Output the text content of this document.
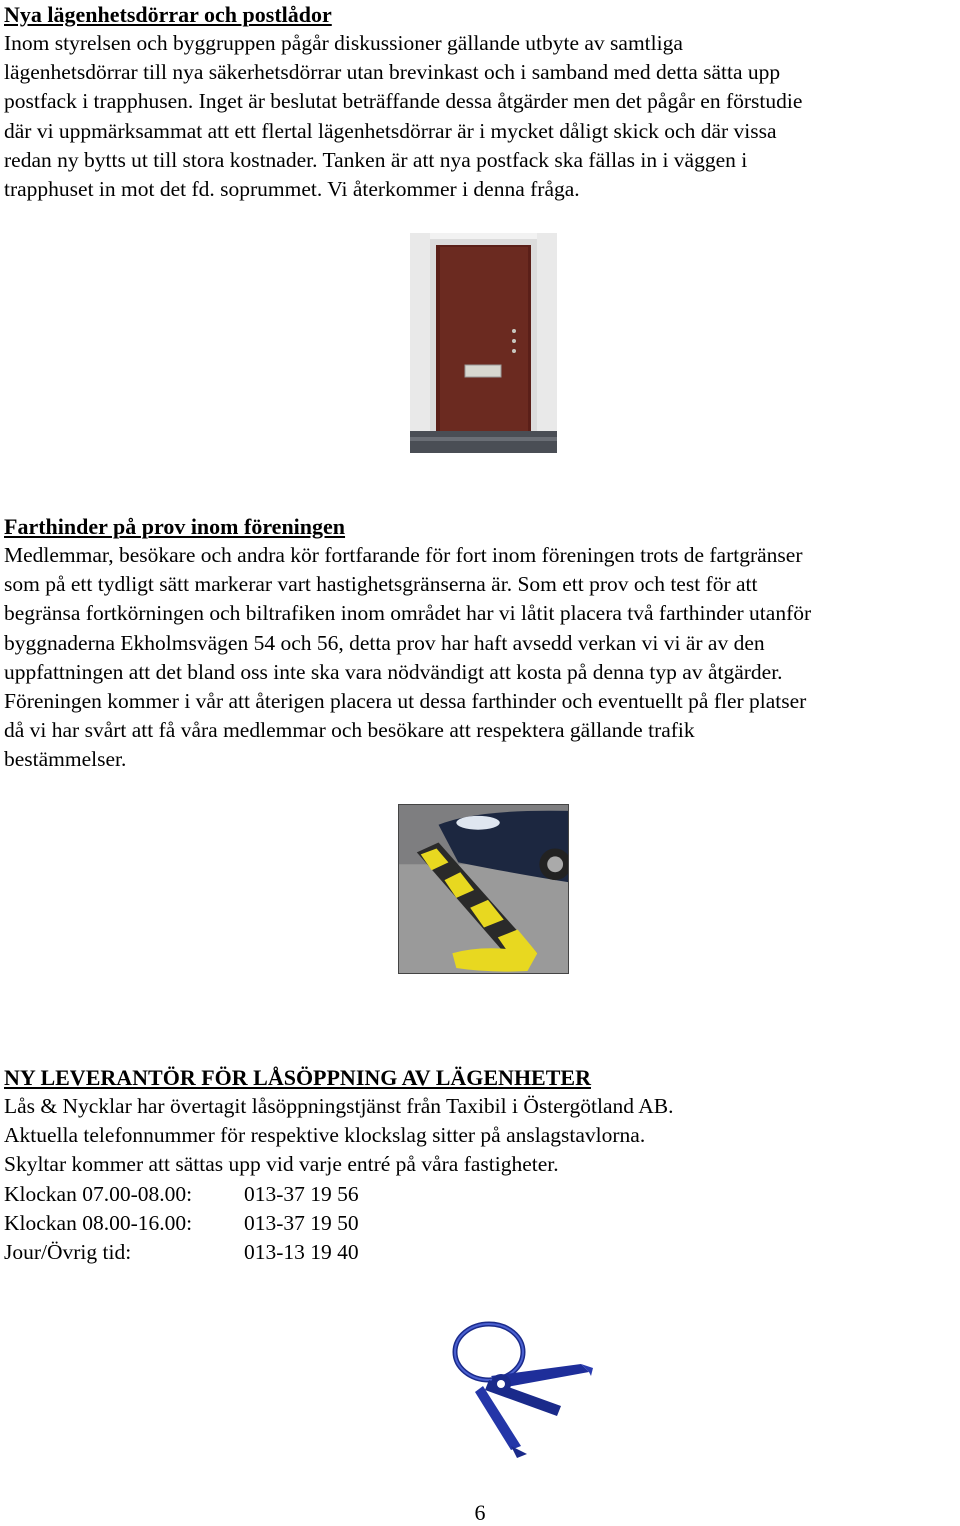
Nya lägenhetsdörrar och postlådor

Inom styrelsen och byggruppen pågår diskussioner gällande utbyte av samtliga
lägenhetsdörrar till nya säkerhetsdörrar utan brevinkast och i samband med detta sätta upp
postfack i trapphusen. Inget är beslutat beträffande dessa åtgärder men det pågår en förstudie
där vi uppmärksammat att ett flertal lägenhetsdörrar är i mycket dåligt skick och där vissa
redan ny bytts ut till stora kostnader. Tanken är att nya postfack ska fällas in i väggen i
trapphuset in mot det fd. soprummet. Vi återkommer i denna fråga.

Farthinder på prov inom föreningen

Medlemmar, besökare och andra kör fortfarande för fort inom föreningen trots de fartgränser
som på ett tydligt sätt markerar vart hastighetsgränserna är. Som ett prov och test för att
begränsa fortkörningen och biltrafiken inom området har vi låtit placera två farthinder utanför
byggnaderna Ekholmsvägen 54 och 56, detta prov har haft avsedd verkan vi vi är av den
uppfattningen att det bland oss inte ska vara nödvändigt att kosta på denna typ av åtgärder.
Föreningen kommer i vår att återigen placera ut dessa farthinder och eventuellt på fler platser
då vi har svårt att få våra medlemmar och besökare att respektera gällande trafik
bestämmelser.

NY LEVERANTÖR FÖR LÅSÖPPNING AV LÄGENHETER

Lås & Nycklar har övertagit låsöppningstjänst från Taxibil i Östergötland AB.
Aktuella telefonnummer för respektive klockslag sitter på anslagstavlorna.
Skyltar kommer att sättas upp vid varje entré på våra fastigheter.

Klockan 07.00-08.00:	013-37 19 56
Klockan 08.00-16.00:	013-37 19 50
Jour/Övrig tid:	013-13 19 40
6
